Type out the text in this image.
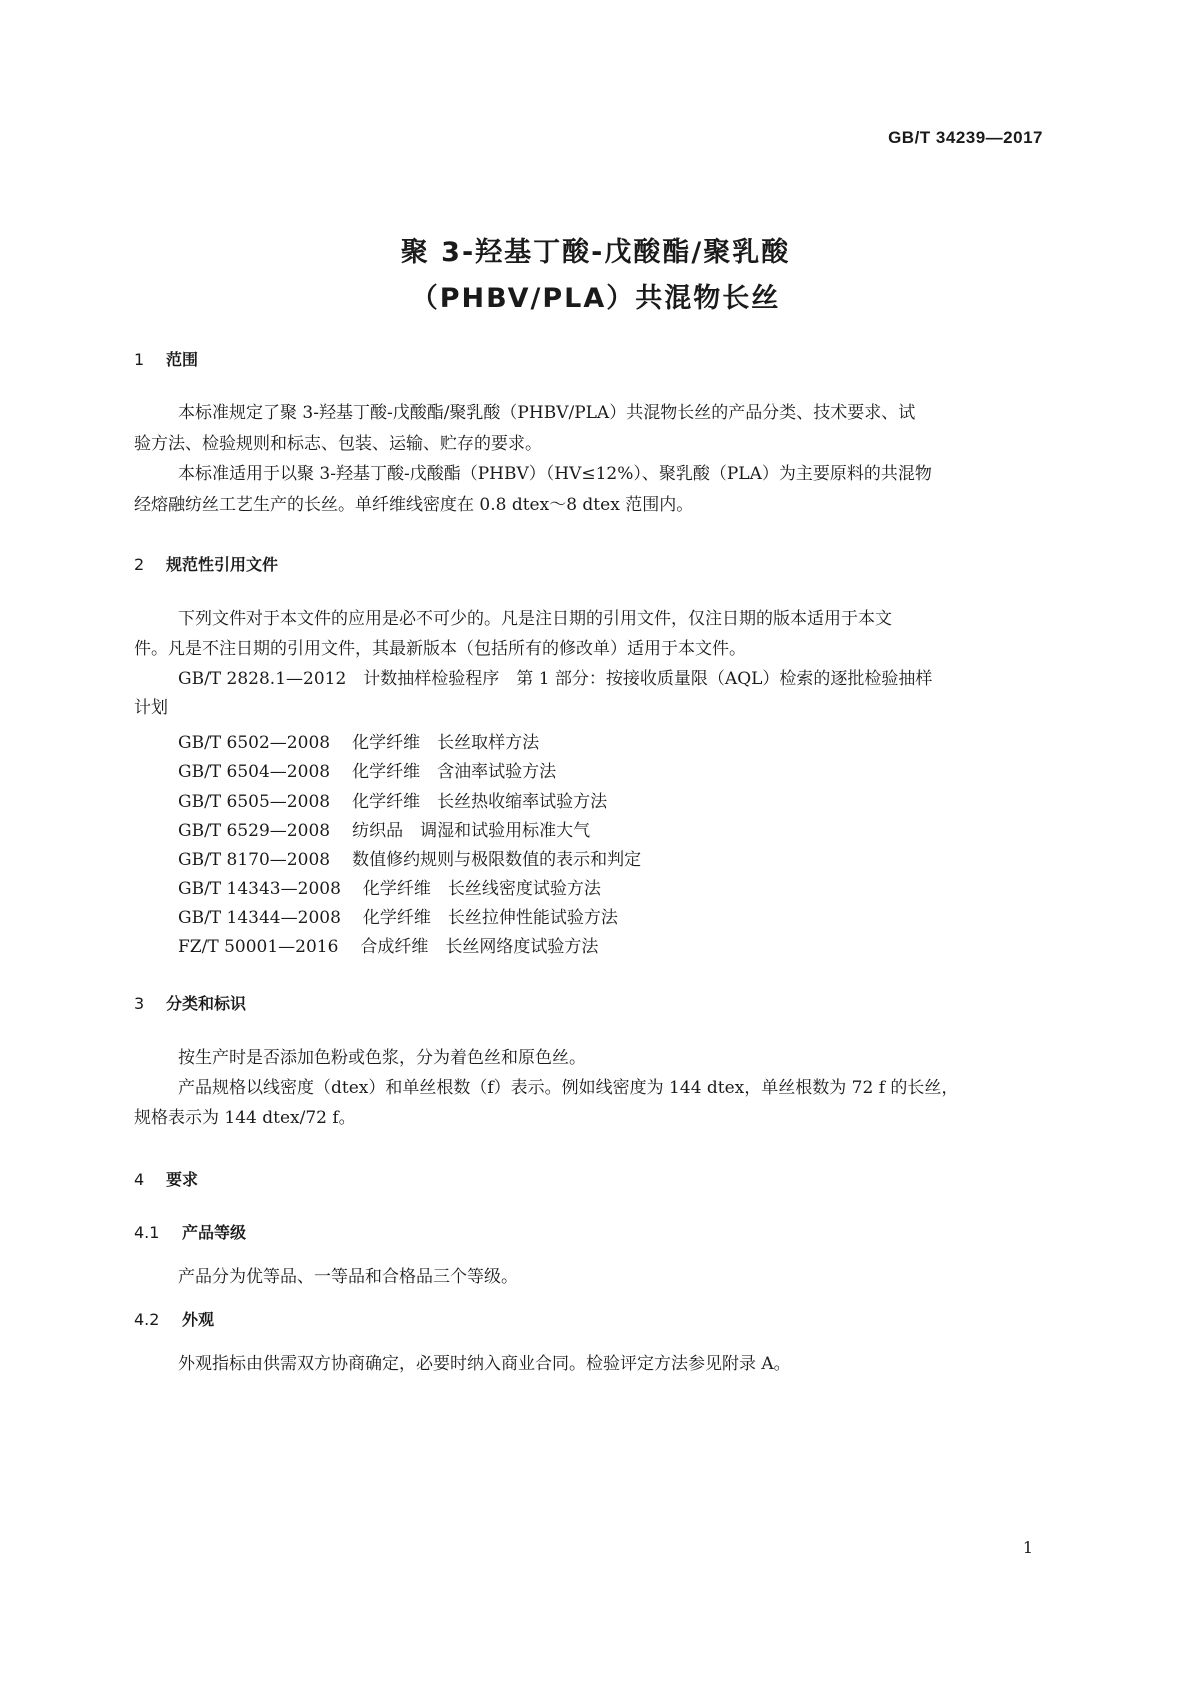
GB/T 34239—2017
聚 3-羟基丁酸-戊酸酯/聚乳酸
（PHBV/PLA）共混物长丝
1 范围
本标准规定了聚 3-羟基丁酸-戊酸酯/聚乳酸（PHBV/PLA）共混物长丝的产品分类、技术要求、试
验方法、检验规则和标志、包装、运输、贮存的要求。
本标准适用于以聚 3-羟基丁酸-戊酸酯（PHBV）（HV≤12%）、聚乳酸（PLA）为主要原料的共混物
经熔融纺丝工艺生产的长丝。单纤维线密度在 0.8 dtex～8 dtex 范围内。
2 规范性引用文件
下列文件对于本文件的应用是必不可少的。凡是注日期的引用文件，仅注日期的版本适用于本文
件。凡是不注日期的引用文件，其最新版本（包括所有的修改单）适用于本文件。
GB/T 2828.1—2012　计数抽样检验程序　第 1 部分：按接收质量限（AQL）检索的逐批检验抽样
计划
GB/T 6502—2008 化学纤维　长丝取样方法
GB/T 6504—2008 化学纤维　含油率试验方法
GB/T 6505—2008 化学纤维　长丝热收缩率试验方法
GB/T 6529—2008 纺织品　调湿和试验用标准大气
GB/T 8170—2008 数值修约规则与极限数值的表示和判定
GB/T 14343—2008 化学纤维　长丝线密度试验方法
GB/T 14344—2008 化学纤维　长丝拉伸性能试验方法
FZ/T 50001—2016 合成纤维　长丝网络度试验方法
3 分类和标识
按生产时是否添加色粉或色浆，分为着色丝和原色丝。
产品规格以线密度（dtex）和单丝根数（f）表示。例如线密度为 144 dtex，单丝根数为 72 f 的长丝，
规格表示为 144 dtex/72 f。
4 要求
4.1 产品等级
产品分为优等品、一等品和合格品三个等级。
4.2 外观
外观指标由供需双方协商确定，必要时纳入商业合同。检验评定方法参见附录 A。
1
